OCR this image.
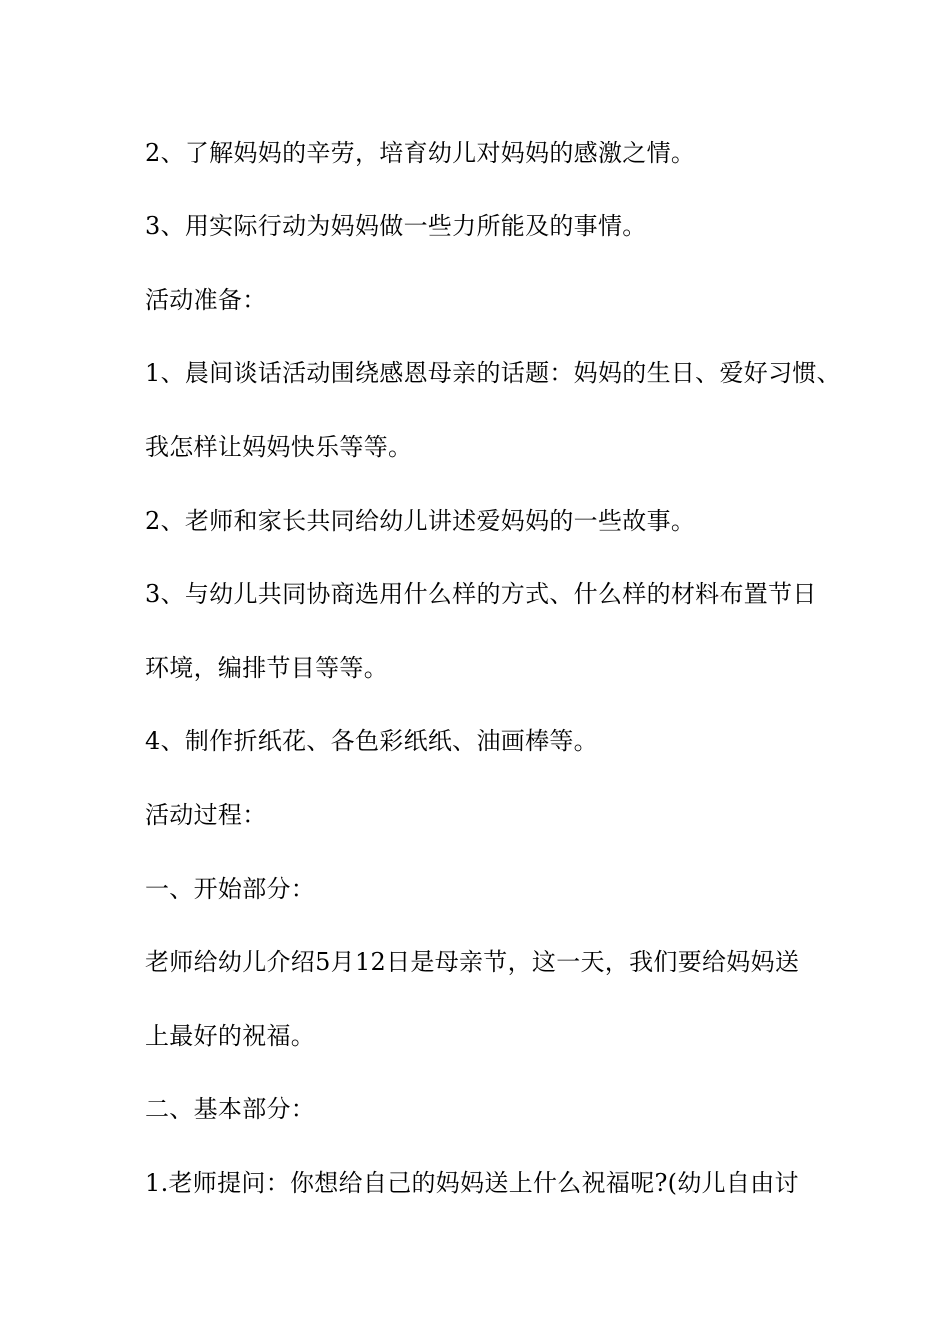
2、了解妈妈的辛劳，培育幼儿对妈妈的感激之情。
3、用实际行动为妈妈做一些力所能及的事情。
活动准备：
1、晨间谈话活动围绕感恩母亲的话题：妈妈的生日、爱好习惯、
我怎样让妈妈快乐等等。
2、老师和家长共同给幼儿讲述爱妈妈的一些故事。
3、与幼儿共同协商选用什么样的方式、什么样的材料布置节日
环境，编排节目等等。
4、制作折纸花、各色彩纸纸、油画棒等。
活动过程：
一、开始部分：
老师给幼儿介绍5月12日是母亲节，这一天，我们要给妈妈送
上最好的祝福。
二、基本部分：
1.老师提问：你想给自己的妈妈送上什么祝福呢?(幼儿自由讨
